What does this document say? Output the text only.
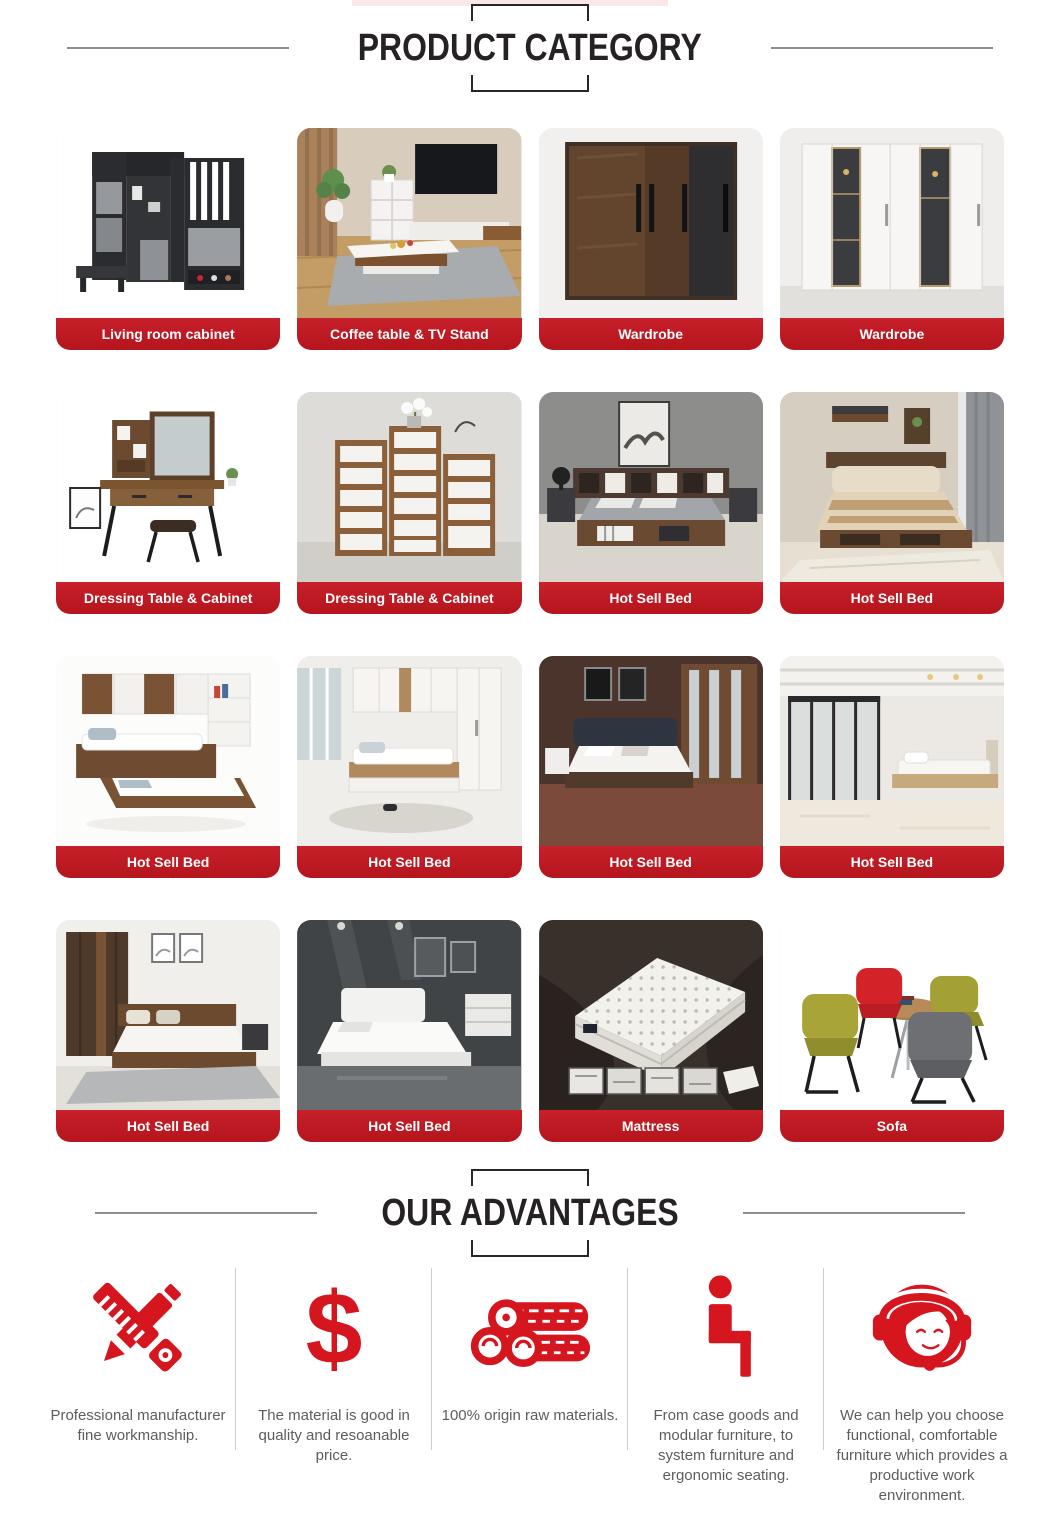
PRODUCT CATEGORY
Living room cabinet	Coffee table & TV Stand	Wardrobe	Wardrobe
Dressing Table & Cabinet	Dressing Table & Cabinet	Hot Sell Bed	Hot Sell Bed
Hot Sell Bed	Hot Sell Bed	Hot Sell Bed	Hot Sell Bed
Hot Sell Bed	Hot Sell Bed	Mattress	Sofa
OUR ADVANTAGES

Professional manufacturer fine workmanship.

$

The material is good in quality and resoanable price.

100% origin raw materials.	From case goods and modular furniture, to system furniture and ergonomic seating.

We can help you choose functional, comfortable furniture which provides a productive work environment.
